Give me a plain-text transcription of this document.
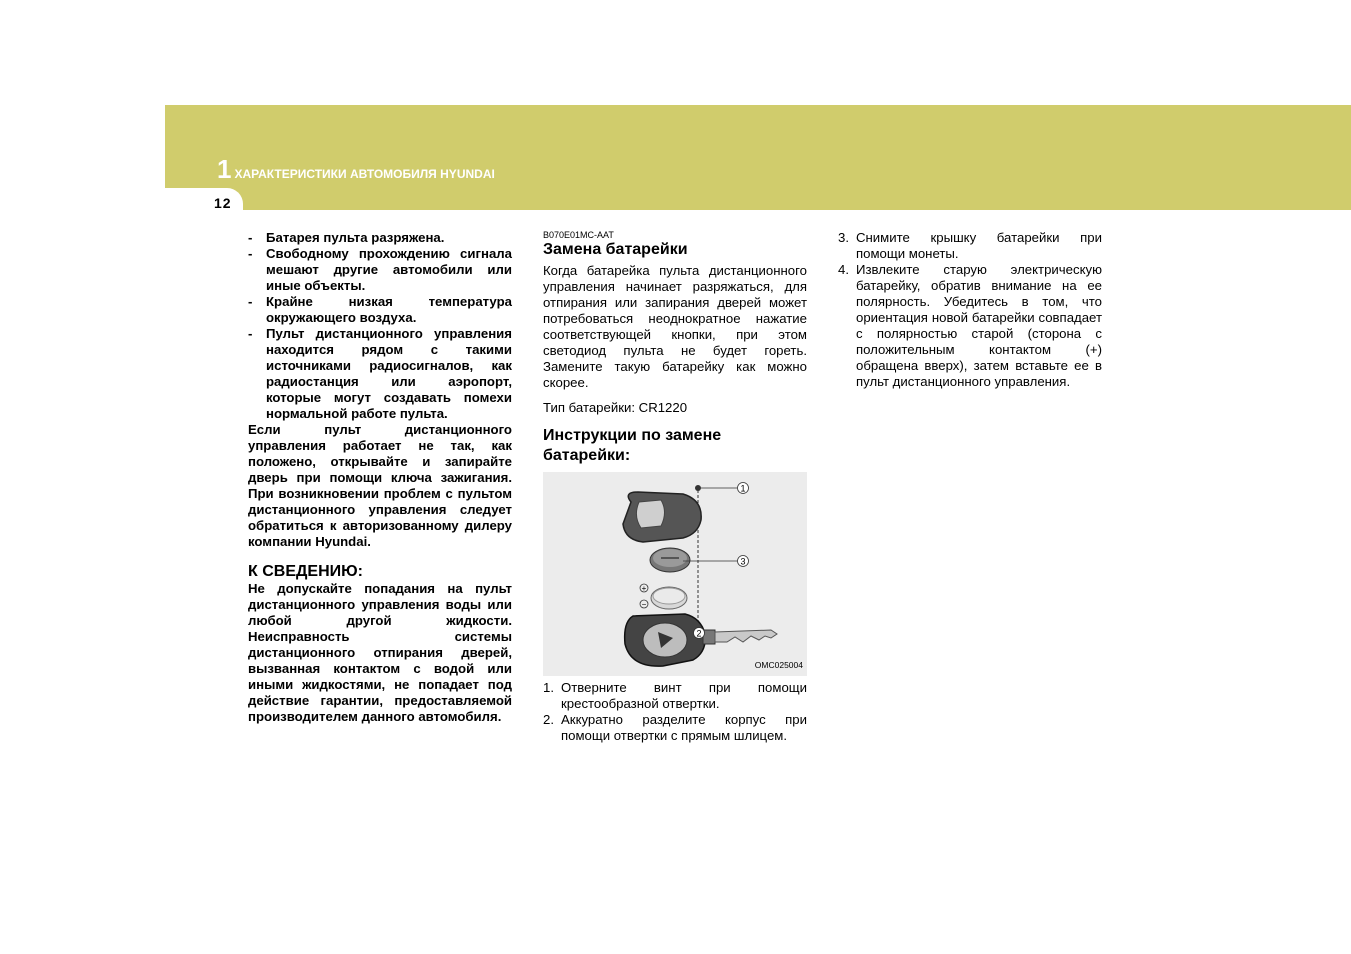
1 ХАРАКТЕРИСТИКИ АВТОМОБИЛЯ HYUNDAI
12
-	Батарея пульта разряжена.
-	Свободному прохождению сигнала мешают другие автомобили или иные объекты.
-	Крайне низкая температура окружающего воздуха.
-	Пульт дистанционного управления находится рядом с такими источниками радиосигналов, как радиостанция или аэропорт, которые могут создавать помехи нормальной работе пульта.
Если пульт дистанционного управления работает не так, как положено, открывайте и запирайте дверь при помощи ключа зажигания. При возникновении проблем с пультом дистанционного управления следует обратиться к авторизованному дилеру компании Hyundai.
К СВЕДЕНИЮ:
Не допускайте попадания на пульт дистанционного управления воды или любой другой жидкости. Неисправность системы дистанционного отпирания дверей, вызванная контактом с водой или иными жидкостями, не попадает под действие гарантии, предоставляемой производителем данного автомобиля.
B070E01MC-AAT
Замена батарейки
Когда батарейка пульта дистанционного управления начинает разряжаться, для отпирания или запирания дверей может потребоваться неоднократное нажатие соответствующей кнопки, при этом светодиод пульта не будет гореть. Замените такую батарейку как можно скорее.
Тип батарейки: CR1220
Инструкции по замене батарейки:
+
−
1
3
2
OMC025004
1. Отверните винт при помощи крестообразной отвертки.
2. Аккуратно разделите корпус при помощи отвертки с прямым шлицем.
3. Снимите крышку батарейки при помощи монеты.
4. Извлеките старую электрическую батарейку, обратив внимание на ее полярность. Убедитесь в том, что ориентация новой батарейки совпадает с полярностью старой (сторона с положительным контактом (+) обращена вверх), затем вставьте ее в пульт дистанционного управления.
